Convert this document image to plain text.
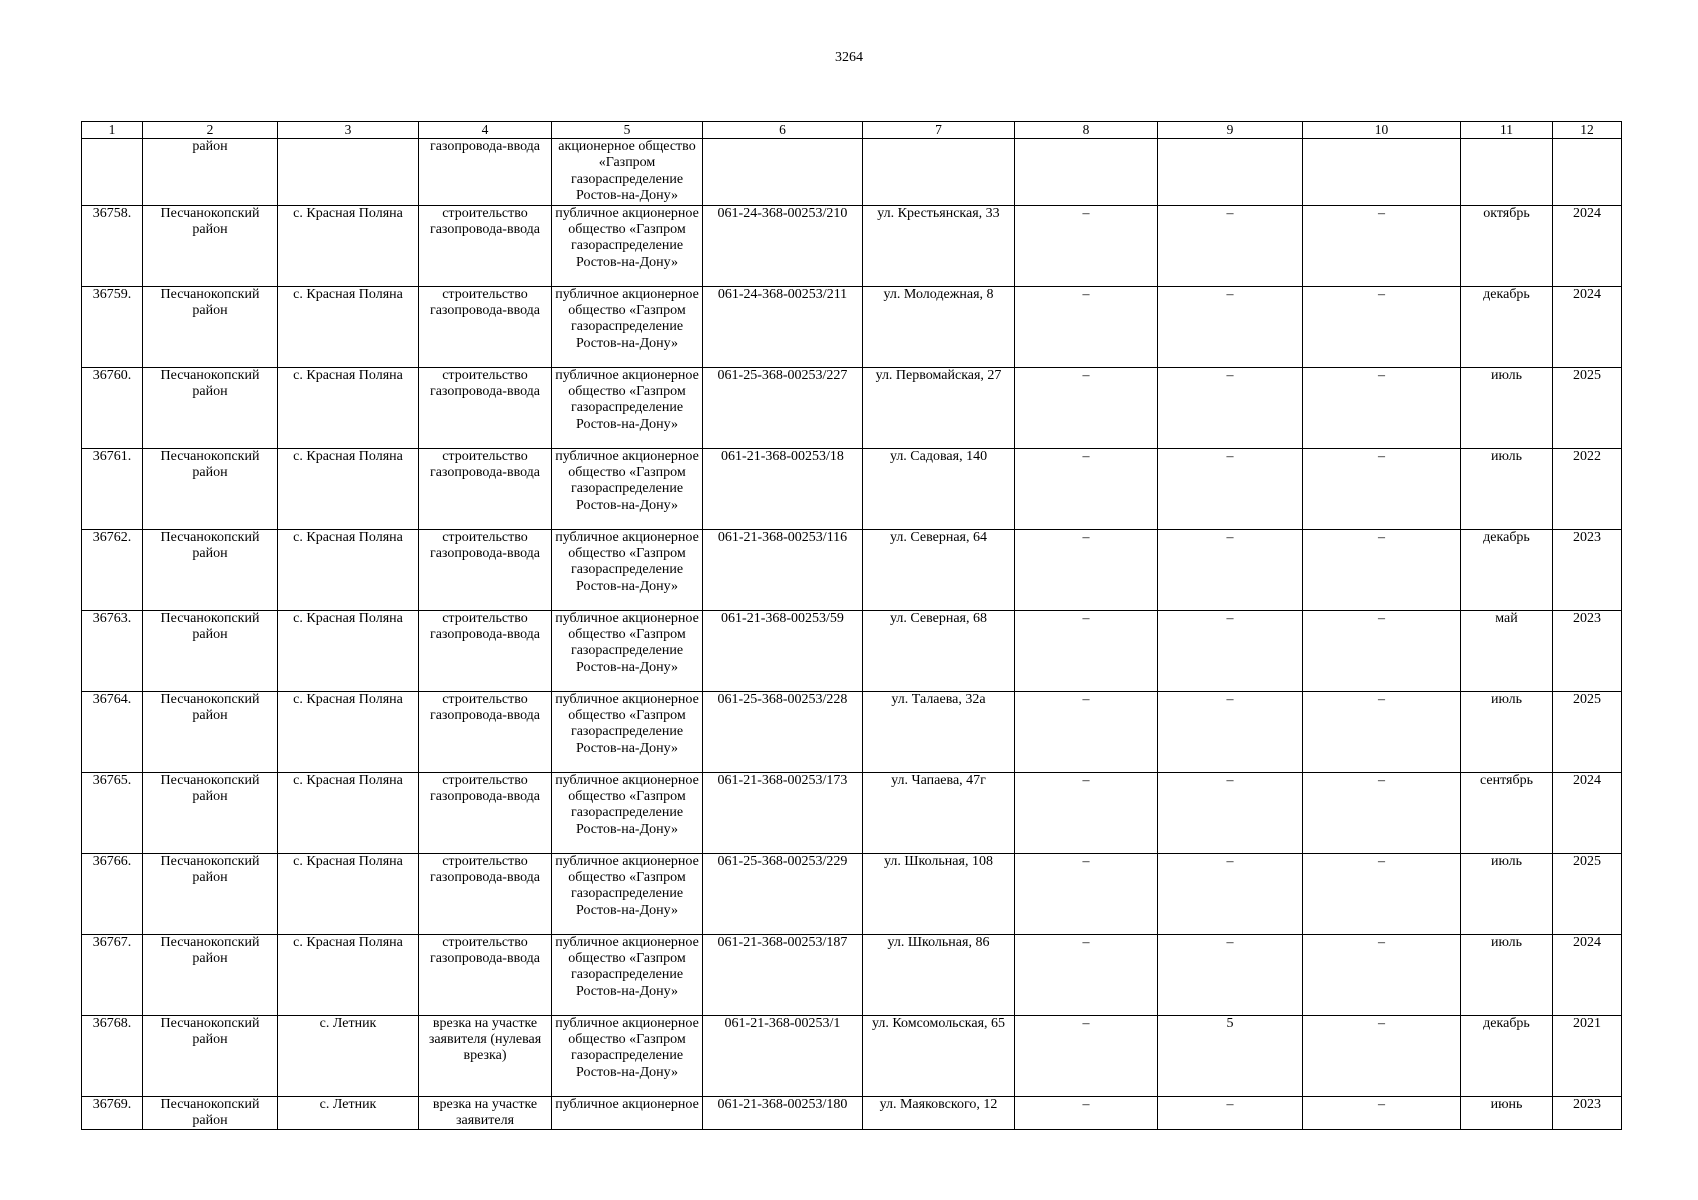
3264
1	2	3	4	5	6	7	8	9	10	11	12
	район		газопровода-ввода	акционерное общество «Газпром газораспределение Ростов-на-Дону»							
36758.	Песчанокопский район	с. Красная Поляна	строительство газопровода-ввода	публичное акционерное общество «Газпром газораспределение Ростов-на-Дону»	061-24-368-00253/210	ул. Крестьянская, 33	–	–	–	октябрь	2024
36759.	Песчанокопский район	с. Красная Поляна	строительство газопровода-ввода	публичное акционерное общество «Газпром газораспределение Ростов-на-Дону»	061-24-368-00253/211	ул. Молодежная, 8	–	–	–	декабрь	2024
36760.	Песчанокопский район	с. Красная Поляна	строительство газопровода-ввода	публичное акционерное общество «Газпром газораспределение Ростов-на-Дону»	061-25-368-00253/227	ул. Первомайская, 27	–	–	–	июль	2025
36761.	Песчанокопский район	с. Красная Поляна	строительство газопровода-ввода	публичное акционерное общество «Газпром газораспределение Ростов-на-Дону»	061-21-368-00253/18	ул. Садовая, 140	–	–	–	июль	2022
36762.	Песчанокопский район	с. Красная Поляна	строительство газопровода-ввода	публичное акционерное общество «Газпром газораспределение Ростов-на-Дону»	061-21-368-00253/116	ул. Северная, 64	–	–	–	декабрь	2023
36763.	Песчанокопский район	с. Красная Поляна	строительство газопровода-ввода	публичное акционерное общество «Газпром газораспределение Ростов-на-Дону»	061-21-368-00253/59	ул. Северная, 68	–	–	–	май	2023
36764.	Песчанокопский район	с. Красная Поляна	строительство газопровода-ввода	публичное акционерное общество «Газпром газораспределение Ростов-на-Дону»	061-25-368-00253/228	ул. Талаева, 32а	–	–	–	июль	2025
36765.	Песчанокопский район	с. Красная Поляна	строительство газопровода-ввода	публичное акционерное общество «Газпром газораспределение Ростов-на-Дону»	061-21-368-00253/173	ул. Чапаева, 47г	–	–	–	сентябрь	2024
36766.	Песчанокопский район	с. Красная Поляна	строительство газопровода-ввода	публичное акционерное общество «Газпром газораспределение Ростов-на-Дону»	061-25-368-00253/229	ул. Школьная, 108	–	–	–	июль	2025
36767.	Песчанокопский район	с. Красная Поляна	строительство газопровода-ввода	публичное акционерное общество «Газпром газораспределение Ростов-на-Дону»	061-21-368-00253/187	ул. Школьная, 86	–	–	–	июль	2024
36768.	Песчанокопский район	с. Летник	врезка на участке заявителя (нулевая врезка)	публичное акционерное общество «Газпром газораспределение Ростов-на-Дону»	061-21-368-00253/1	ул. Комсомольская, 65	–	5	–	декабрь	2021
36769.	Песчанокопский район	с. Летник	врезка на участке заявителя	публичное акционерное	061-21-368-00253/180	ул. Маяковского, 12	–	–	–	июнь	2023
